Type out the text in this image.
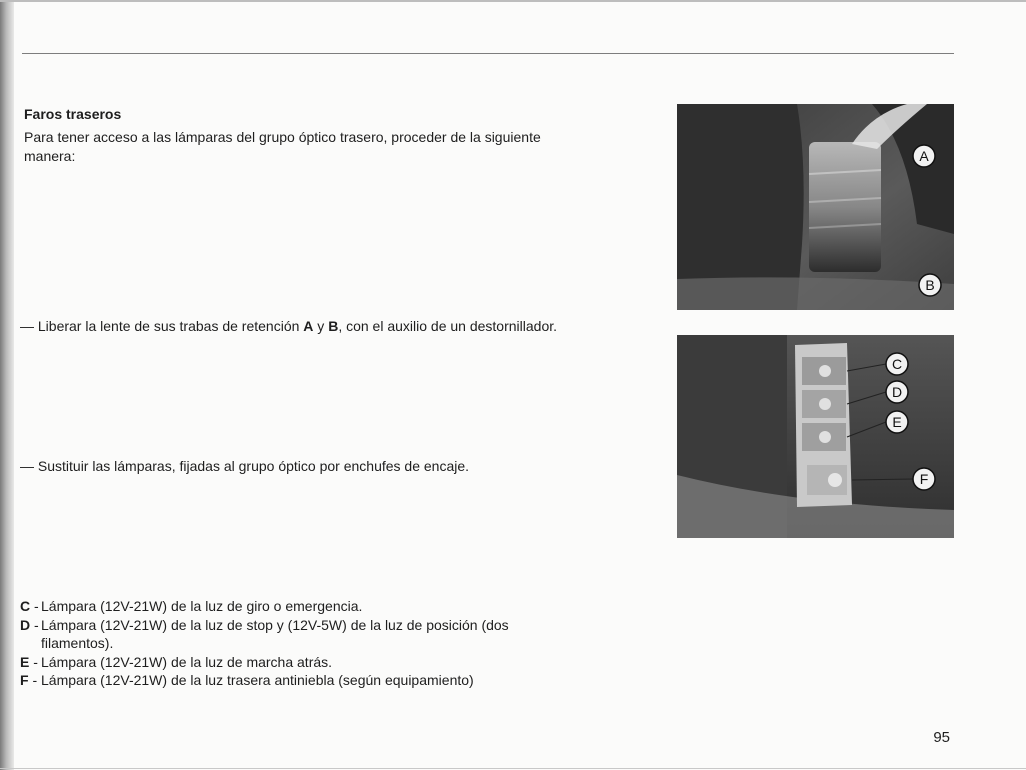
Faros traseros
Para tener acceso a las lámparas del grupo óptico trasero, proceder de la siguiente manera:
— Liberar la lente de sus trabas de retención A y B, con el auxilio de un destornillador.
— Sustituir las lámparas, fijadas al grupo óptico por enchufes de encaje.
C - Lámpara (12V-21W) de la luz de giro o emergencia.
D - Lámpara (12V-21W) de la luz de stop y (12V-5W) de la luz de posición (dos filamentos).
E - Lámpara (12V-21W) de la luz de marcha atrás.
F - Lámpara (12V-21W) de la luz trasera antiniebla (según equipamiento)
A
B
C
D
E
F
95
